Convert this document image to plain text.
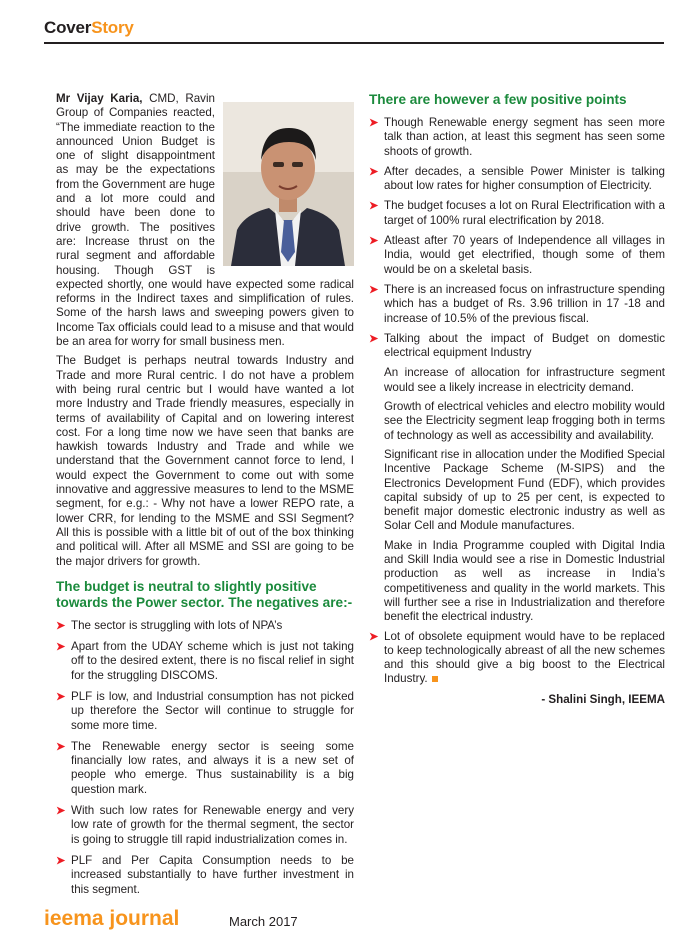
CoverStory

Mr Vijay Karia, CMD, Ravin Group of Companies reacted, “The immediate reaction to the announced Union Budget is one of slight disappointment as may be the expectations from the Government are huge and a lot more could and should have been done to drive growth. The positives are: Increase thrust on the rural segment and affordable housing. Though GST is expected shortly, one would have expected some radical reforms in the Indirect taxes and simplification of rules. Some of the harsh laws and sweeping powers given to Income Tax officials could lead to a misuse and that would be an area for worry for small business men.

The Budget is perhaps neutral towards Industry and Trade and more Rural centric. I do not have a problem with being rural centric but I would have wanted a lot more Industry and Trade friendly measures, especially in terms of availability of Capital and on lowering interest cost. For a long time now we have seen that banks are hawkish towards Industry and Trade and while we understand that the Government cannot force to lend, I would expect the Government to come out with some innovative and aggressive measures to lend to the MSME segment, for e.g.: - Why not have a lower REPO rate, a lower CRR, for lending to the MSME and SSI Segment? All this is possible with a little bit of out of the box thinking and political will. After all MSME and SSI are going to be the major drivers for growth.

The budget is neutral to slightly positive towards the Power sector. The negatives are:-
➤ The sector is struggling with lots of NPA’s
➤ Apart from the UDAY scheme which is just not taking off to the desired extent, there is no fiscal relief in sight for the struggling DISCOMS.
➤ PLF is low, and Industrial consumption has not picked up therefore the Sector will continue to struggle for some more time.
➤ The Renewable energy sector is seeing some financially low rates, and always it is a new set of people who emerge. Thus sustainability is a big question mark.
➤ With such low rates for Renewable energy and very low rate of growth for the thermal segment, the sector is going to struggle till rapid industrialization comes in.
➤ PLF and Per Capita Consumption needs to be increased substantially to have further investment in this segment.
There are however a few positive points
➤ Though Renewable energy segment has seen more talk than action, at least this segment has seen some shoots of growth.
➤ After decades, a sensible Power Minister is talking about low rates for higher consumption of Electricity.
➤ The budget focuses a lot on Rural Electrification with a target of 100% rural electrification by 2018.
➤ Atleast after 70 years of Independence all villages in India, would get electrified, though some of them would be on a skeletal basis.
➤ There is an increased focus on infrastructure spending which has a budget of Rs. 3.96 trillion in 17 -18 and increase of 10.5% of the previous fiscal.
➤ Talking about the impact of Budget on domestic electrical equipment Industry

An increase of allocation for infrastructure segment would see a likely increase in electricity demand.

Growth of electrical vehicles and electro mobility would see the Electricity segment leap frogging both in terms of technology as well as accessibility and availability.

Significant rise in allocation under the Modified Special Incentive Package Scheme (M-SIPS) and the Electronics Development Fund (EDF), which provides capital subsidy of up to 25 per cent, is expected to benefit major domestic electronic industry as well as Solar Cell and Module manufactures.

Make in India Programme coupled with Digital India and Skill India would see a rise in Domestic Industrial production as well as increase in India’s competitiveness and quality in the world markets. This will further see a rise in Industrialization and therefore benefit the electrical industry.

➤ Lot of obsolete equipment would have to be replaced to keep technologically abreast of all the new schemes and this should give a big boost to the Electrical Industry.
- Shalini Singh, IEEMA
ieema journal	March 2017
